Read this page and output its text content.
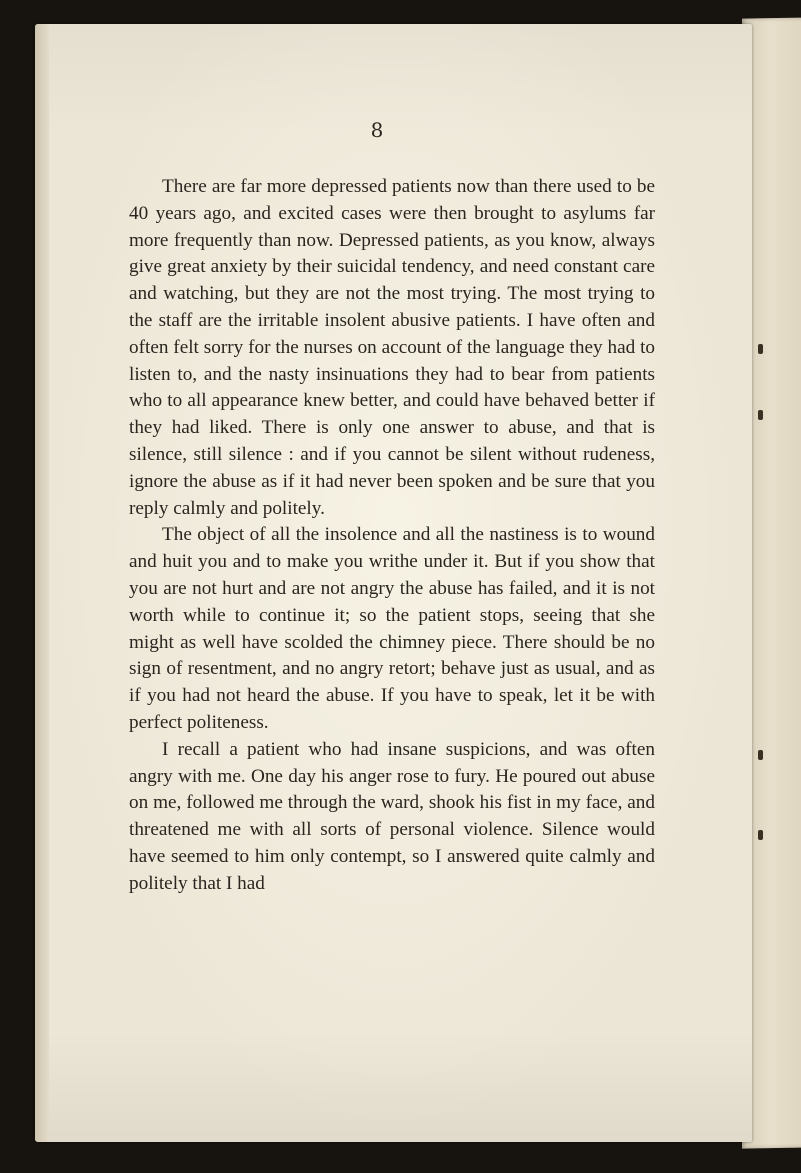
8

There are far more depressed patients now than there used to be 40 years ago, and excited cases were then brought to asylums far more frequently than now. Depressed patients, as you know, always give great anxiety by their suicidal tendency, and need constant care and watching, but they are not the most trying. The most trying to the staff are the irritable insolent abusive patients. I have often and often felt sorry for the nurses on account of the language they had to listen to, and the nasty insinuations they had to bear from patients who to all appearance knew better, and could have behaved better if they had liked. There is only one answer to abuse, and that is silence, still silence : and if you cannot be silent without rudeness, ignore the abuse as if it had never been spoken and be sure that you reply calmly and politely.

The object of all the insolence and all the nastiness is to wound and huit you and to make you writhe under it. But if you show that you are not hurt and are not angry the abuse has failed, and it is not worth while to continue it; so the patient stops, seeing that she might as well have scolded the chimney piece. There should be no sign of resentment, and no angry retort; behave just as usual, and as if you had not heard the abuse. If you have to speak, let it be with perfect politeness.

I recall a patient who had insane suspicions, and was often angry with me. One day his anger rose to fury. He poured out abuse on me, followed me through the ward, shook his fist in my face, and threatened me with all sorts of personal violence. Silence would have seemed to him only contempt, so I answered quite calmly and politely that I had
